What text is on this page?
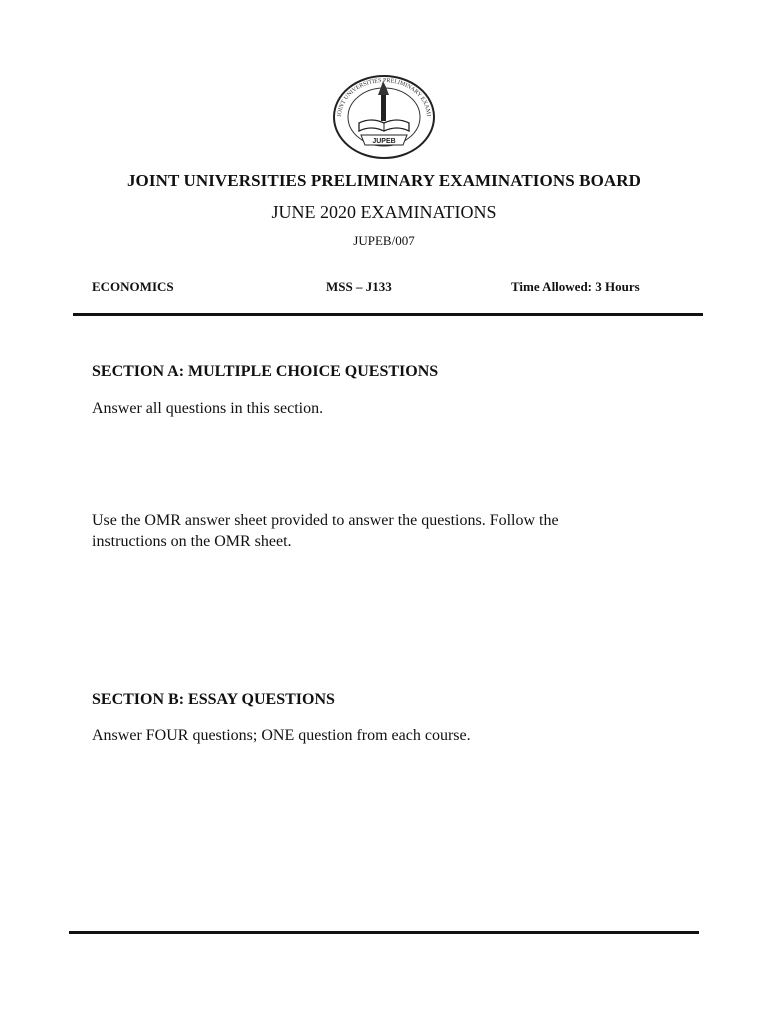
JOINT UNIVERSITIES PRELIMINARY EXAMI
JUPEB
JOINT UNIVERSITIES PRELIMINARY EXAMINATIONS BOARD
JUNE 2020 EXAMINATIONS
JUPEB/007
ECONOMICS	MSS – J133	Time Allowed: 3 Hours
SECTION A: MULTIPLE CHOICE QUESTIONS

Answer all questions in this section.

Use the OMR answer sheet provided to answer the questions. Follow the
instructions on the OMR sheet.

SECTION B: ESSAY QUESTIONS

Answer FOUR questions; ONE question from each course.
